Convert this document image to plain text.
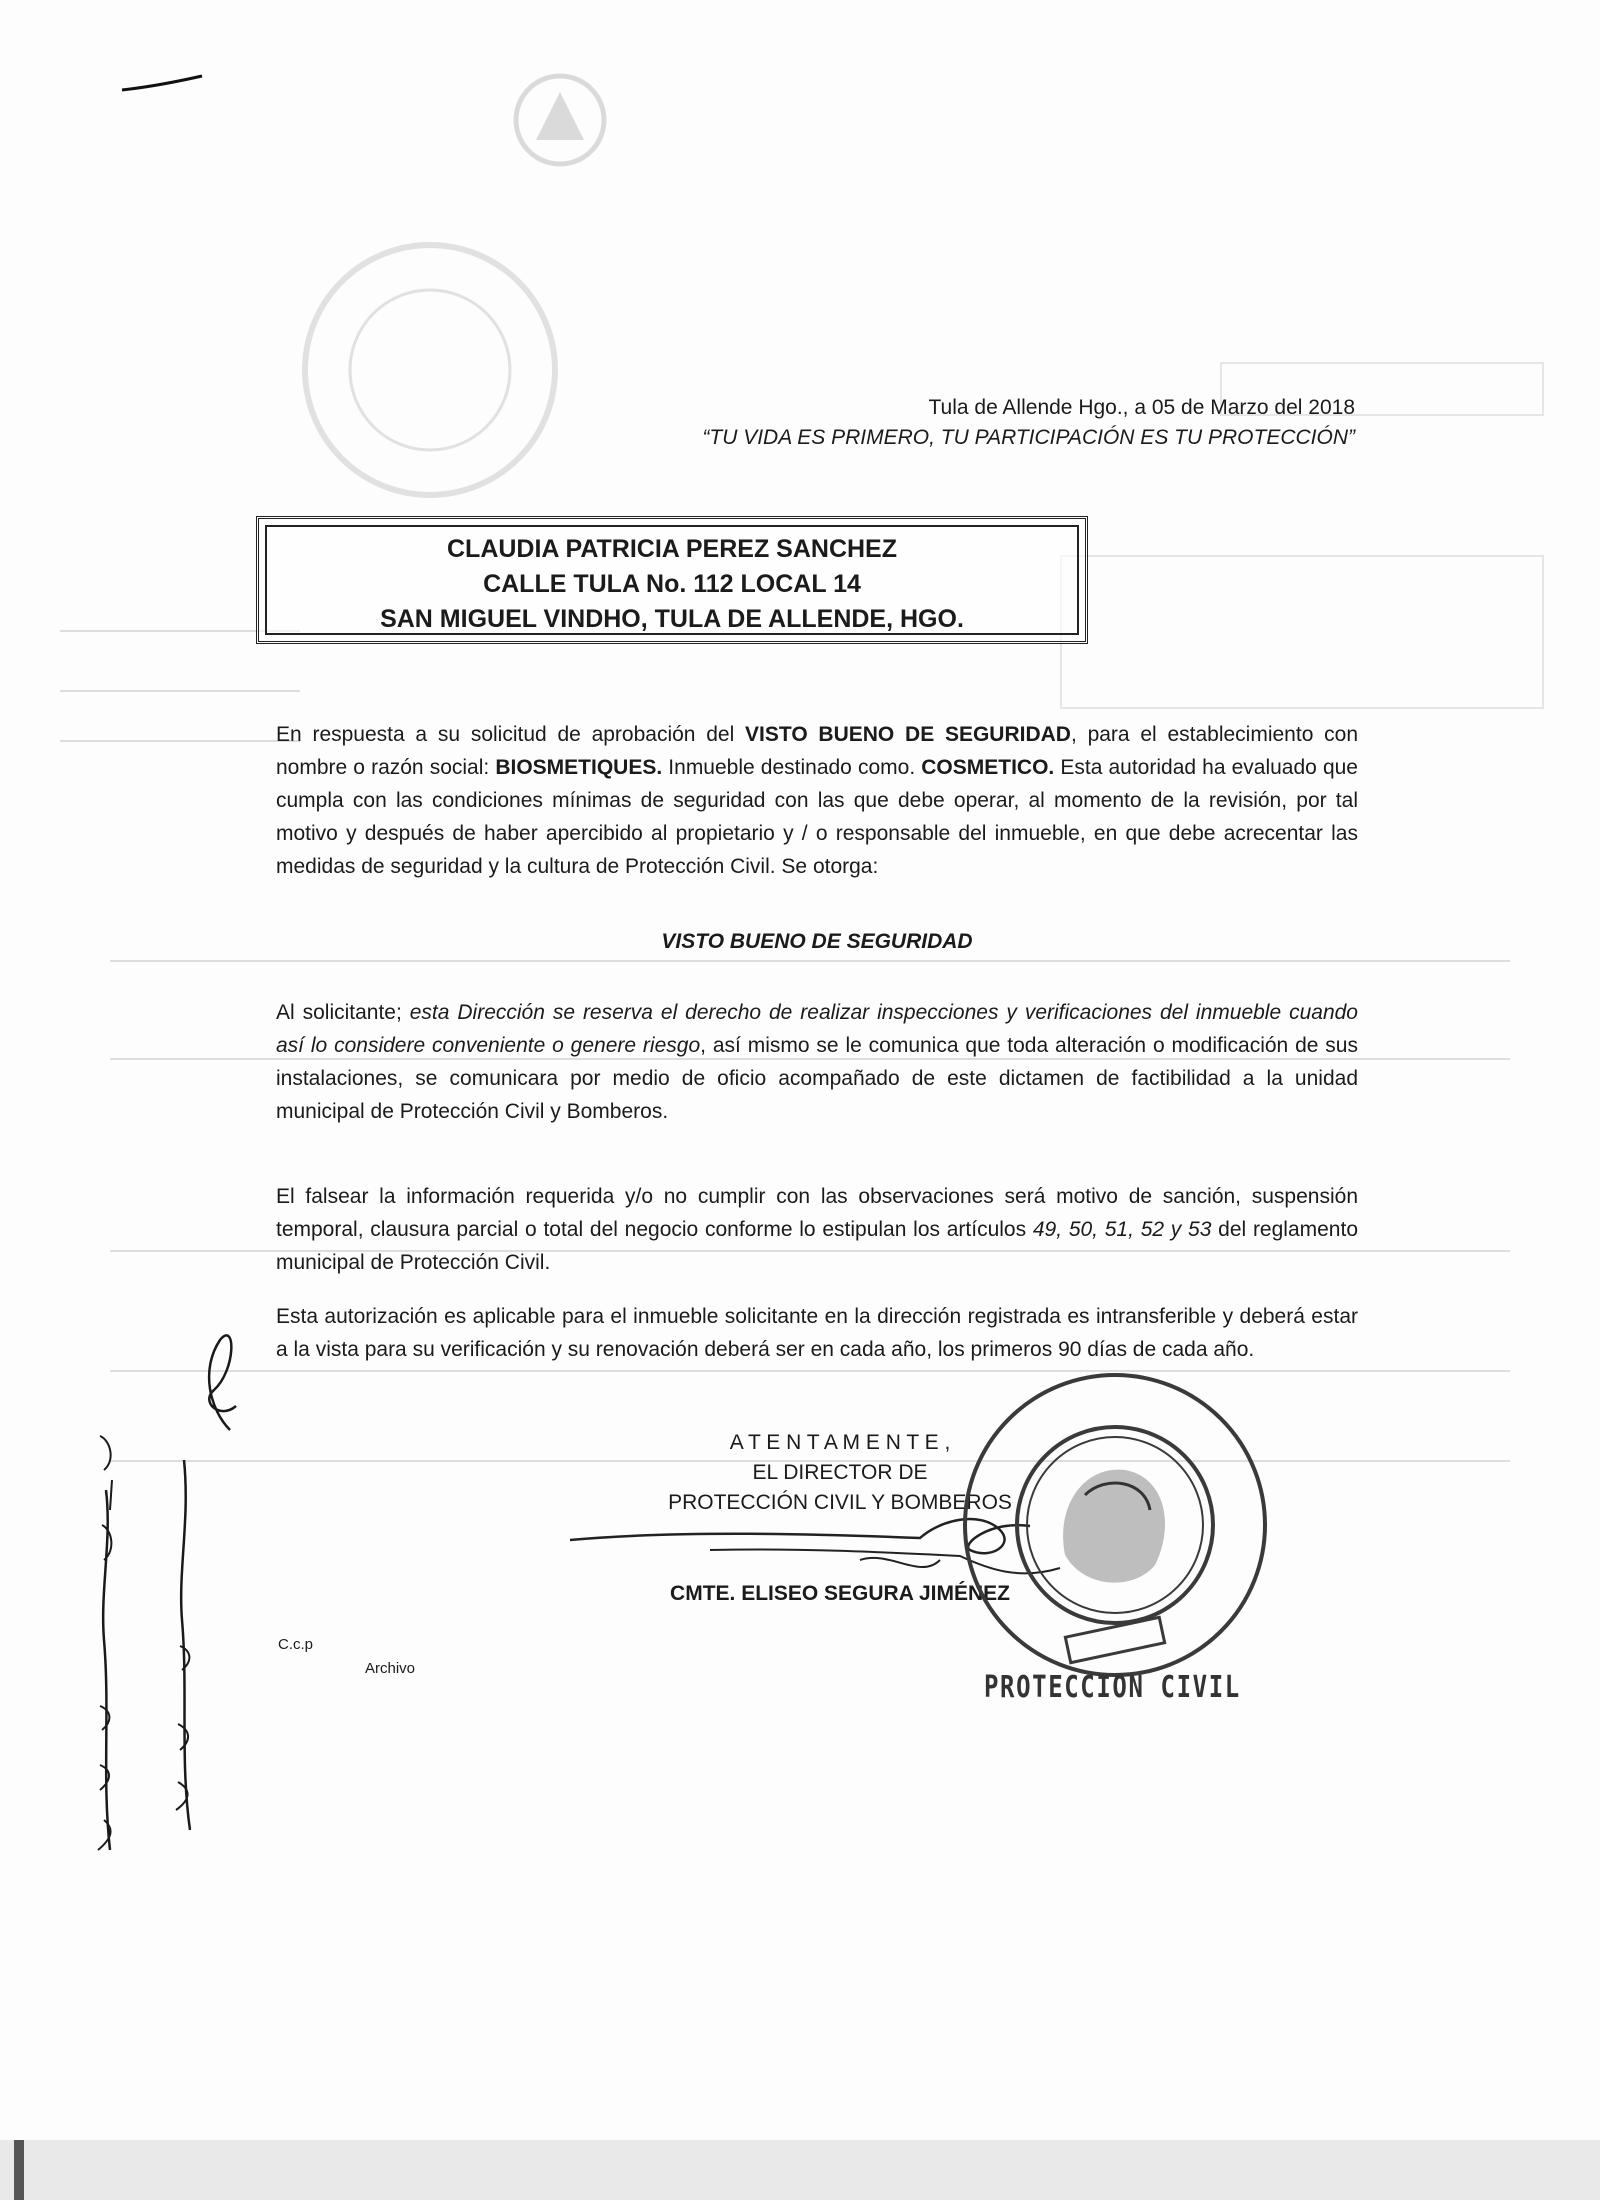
Tula de Allende Hgo., a 05 de Marzo del 2018
“TU VIDA ES PRIMERO, TU PARTICIPACIÓN ES TU PROTECCIÓN”
CLAUDIA PATRICIA PEREZ SANCHEZ
CALLE TULA No. 112 LOCAL 14
SAN MIGUEL VINDHO, TULA DE ALLENDE, HGO.
En respuesta a su solicitud de aprobación del VISTO BUENO DE SEGURIDAD, para el establecimiento con nombre o razón social: BIOSMETIQUES. Inmueble destinado como. COSMETICO. Esta autoridad ha evaluado que cumpla con las condiciones mínimas de seguridad con las que debe operar, al momento de la revisión, por tal motivo y después de haber apercibido al propietario y / o responsable del inmueble, en que debe acrecentar las medidas de seguridad y la cultura de Protección Civil. Se otorga:
VISTO BUENO DE SEGURIDAD
Al solicitante; esta Dirección se reserva el derecho de realizar inspecciones y verificaciones del inmueble cuando así lo considere conveniente o genere riesgo, así mismo se le comunica que toda alteración o modificación de sus instalaciones, se comunicara por medio de oficio acompañado de este dictamen de factibilidad a la unidad municipal de Protección Civil y Bomberos.
El falsear la información requerida y/o no cumplir con las observaciones será motivo de sanción, suspensión temporal, clausura parcial o total del negocio conforme lo estipulan los artículos 49, 50, 51, 52 y 53 del reglamento municipal de Protección Civil.
Esta autorización es aplicable para el inmueble solicitante en la dirección registrada es intransferible y deberá estar a la vista para su verificación y su renovación deberá ser en cada año, los primeros 90 días de cada año.
A T E N T A M E N T E ,
EL DIRECTOR DE
PROTECCIÓN CIVIL Y BOMBEROS
CMTE. ELISEO SEGURA JIMÉNEZ
C.c.p
Archivo
PROTECCION CIVIL
